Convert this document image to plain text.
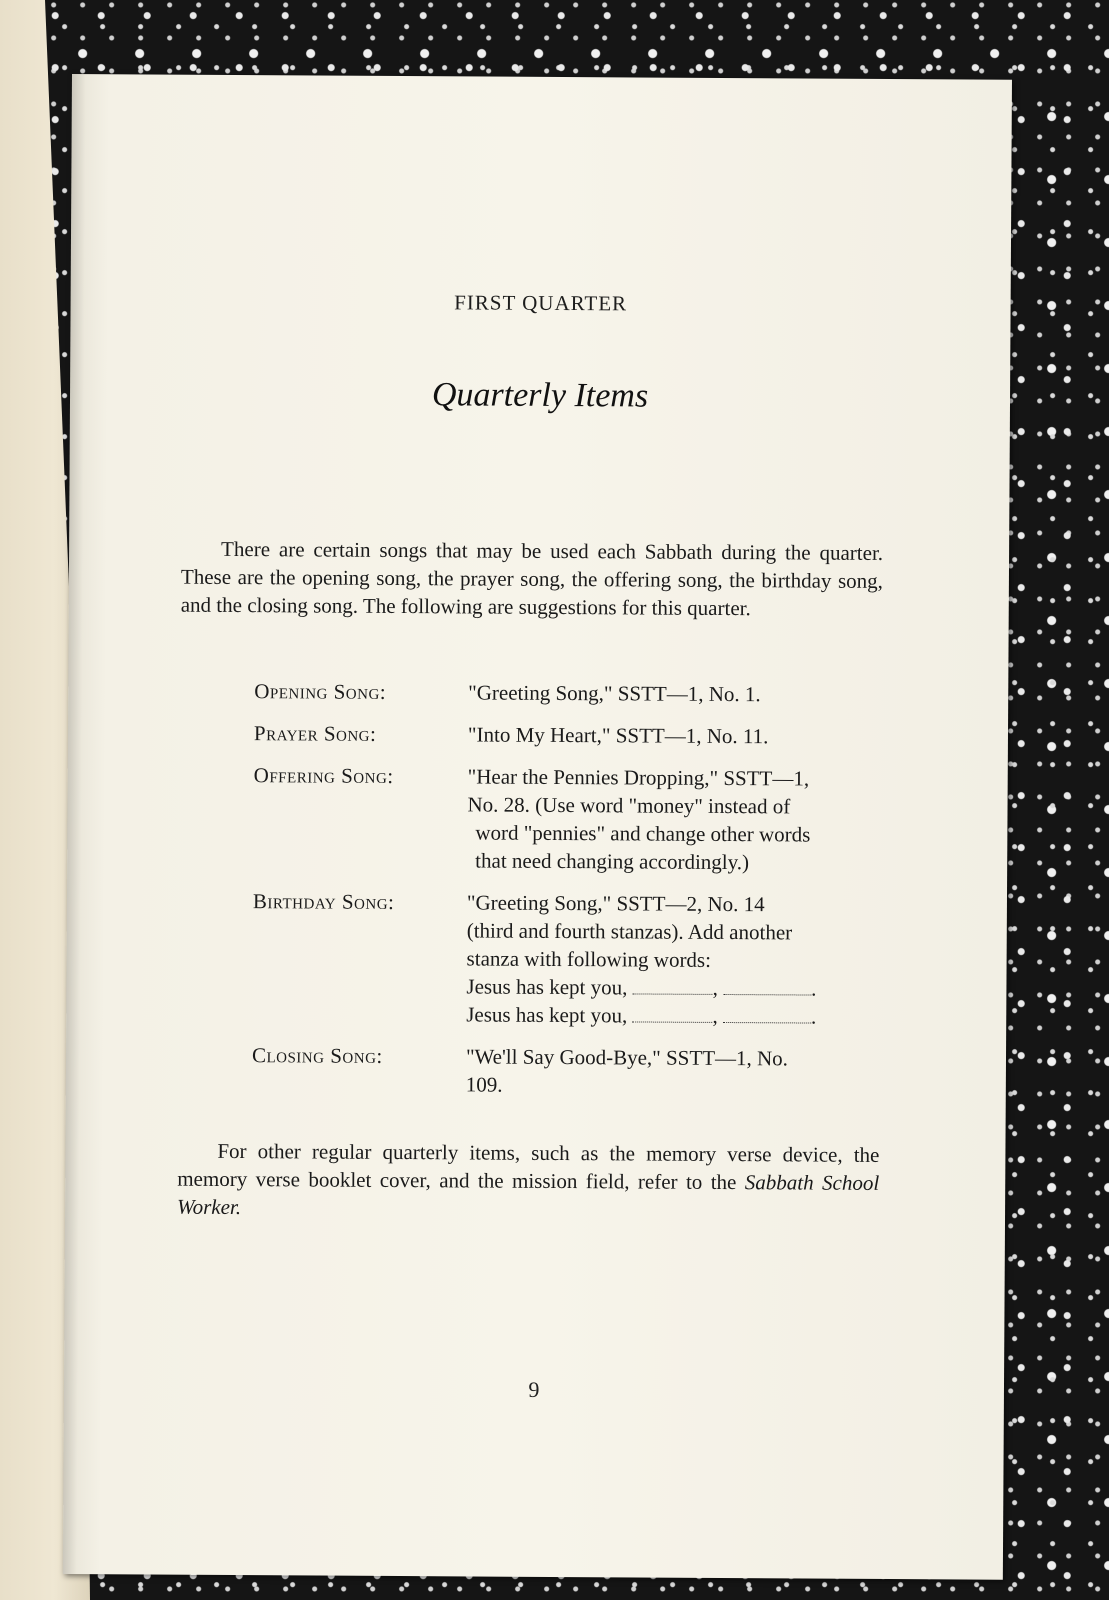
FIRST QUARTER
Quarterly Items
There are certain songs that may be used each Sabbath during the quarter. These are the opening song, the prayer song, the offering song, the birthday song, and the closing song. The following are suggestions for this quarter.
Opening Song:	"Greeting Song," SSTT—1, No. 1.
Prayer Song:	"Into My Heart," SSTT—1, No. 11.
Offering Song:	"Hear the Pennies Dropping," SSTT—1,
No. 28. (Use word "money" instead of
word "pennies" and change other words
that need changing accordingly.)
Birthday Song:	"Greeting Song," SSTT—2, No. 14
(third and fourth stanzas). Add another
stanza with following words:
Jesus has kept you,	,	.
Jesus has kept you,	,	.
Closing Song:	"We'll Say Good-Bye," SSTT—1, No.
109.
For other regular quarterly items, such as the memory verse device, the memory verse booklet cover, and the mission field, refer to the Sabbath School Worker.
9
